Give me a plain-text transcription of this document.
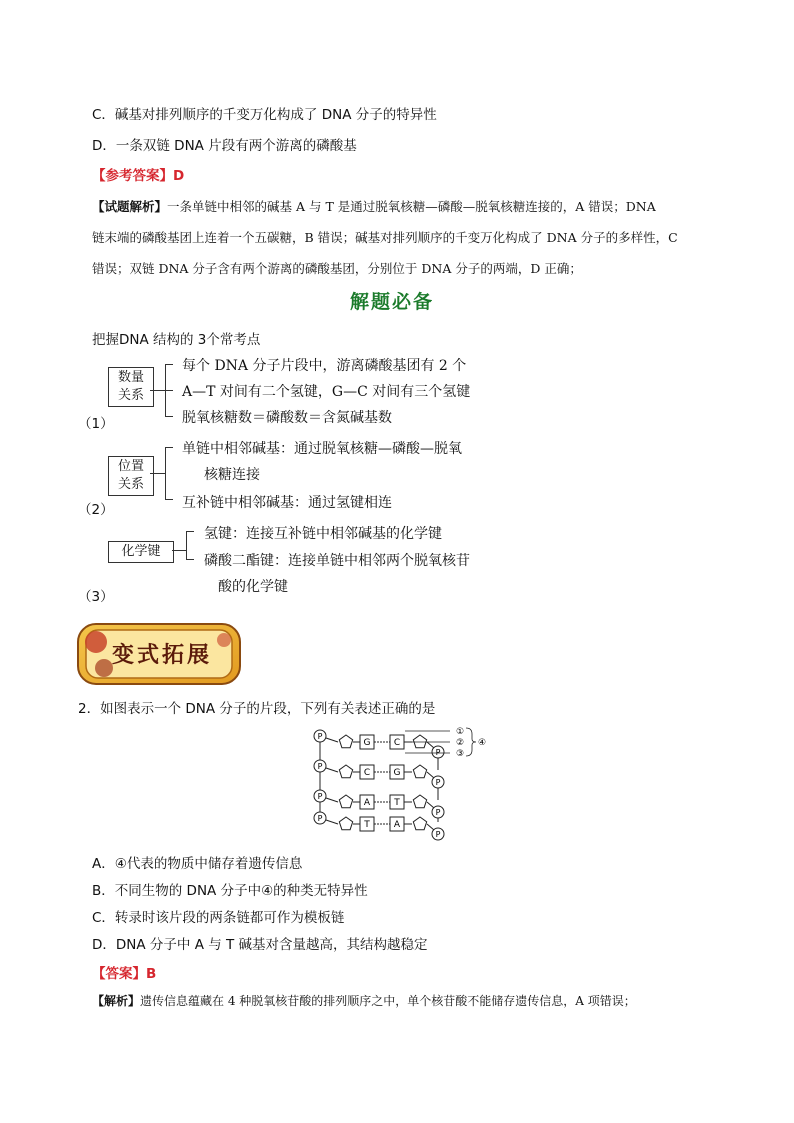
C．碱基对排列顺序的千变万化构成了 DNA 分子的特异性
D．一条双链 DNA 片段有两个游离的磷酸基
【参考答案】D
【试题解析】一条单链中相邻的碱基 A 与 T 是通过脱氧核糖—磷酸—脱氧核糖连接的，A 错误；DNA
链末端的磷酸基团上连着一个五碳糖，B 错误；碱基对排列顺序的千变万化构成了 DNA 分子的多样性，C
错误；双链 DNA 分子含有两个游离的磷酸基团，分别位于 DNA 分子的两端，D 正确；
解题必备
把握DNA 结构的 3个常考点
数量
关系
每个 DNA 分子片段中，游离磷酸基团有 2 个
A—T 对间有二个氢键，G—C 对间有三个氢键
脱氧核糖数＝磷酸数＝含氮碱基数
（1）
位置
关系
单链中相邻碱基：通过脱氧核糖—磷酸—脱氧
核糖连接
互补链中相邻碱基：通过氢键相连
（2）
化学键
氢键：连接互补链中相邻碱基的化学键
磷酸二酯键：连接单链中相邻两个脱氧核苷
酸的化学键
（3）
变式拓展
2．如图表示一个 DNA 分子的片段，下列有关表述正确的是
P
G	C
P
P
C	G
P
P
A	T
P
P
T	A
P
①
②
③
④
A．④代表的物质中储存着遗传信息
B．不同生物的 DNA 分子中④的种类无特异性
C．转录时该片段的两条链都可作为模板链
D．DNA 分子中 A 与 T 碱基对含量越高，其结构越稳定
【答案】B
【解析】遗传信息蕴藏在 4 种脱氧核苷酸的排列顺序之中，单个核苷酸不能储存遗传信息，A 项错误；
